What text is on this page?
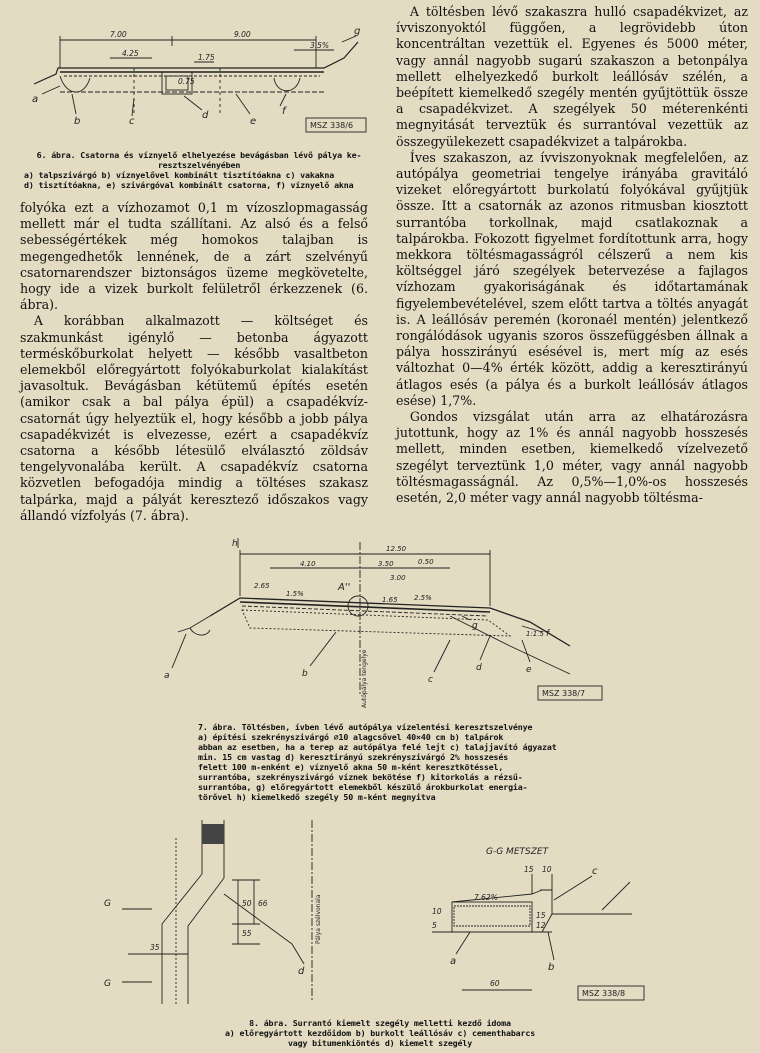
7.00	9.00
4.25	1.75
0.75
3.5%
a
b	c
d
e
f
g
MSZ 338/6
6. ábra. Csatorna és víznyelő elhelyezése bevágásban lévő pálya ke-
resztszelvényében
a) talpszivárgó b) víznyelővel kombinált tisztítóakna c) vakakna
d) tisztítóakna, e) szivárgóval kombinált csatorna, f) víznyelő akna

folyóka ezt a vízhozamot 0,1 m vízoszlopmagasság mellett már el tudta szállítani. Az alsó és a felső sebességértékek még homokos talajban is megengedhetők lennének, de a zárt szelvényű csatornarendszer biztonságos üzeme megkövetelte, hogy ide a vizek burkolt felületről érkezzenek (6. ábra).

A korábban alkalmazott — költséget és szakmunkást igénylő — betonba ágyazott terméskőburkolat helyett — később vasaltbeton elemekből előregyártott folyókaburkolat kialakítást javasoltuk. Bevágásban kétütemű építés esetén (amikor csak a bal pálya épül) a csapadékvíz-csatornát úgy helyeztük el, hogy később a jobb pálya csapadékvizét is elvezesse, ezért a csapadékvíz csatorna a később létesülő elválasztó zöldsáv tengelyvonalába került. A csapadékvíz csatorna közvetlen befogadója mindig a töltéses szakasz talpárka, majd a pályát keresztező időszakos vagy állandó vízfolyás (7. ábra).

A töltésben lévő szakaszra hulló csapadékvizet, az ívviszonyoktól függően, a legrövidebb úton koncentráltan vezettük el. Egyenes és 5000 méter, vagy annál nagyobb sugarú szakaszon a betonpálya mellett elhelyezkedő burkolt leállósáv szélén, a beépített kiemelkedő szegély mentén gyűjtöttük össze a csapadékvizet. A szegélyek 50 méterenkénti megnyitását terveztük és surrantóval vezettük az összegyülekezett csapadékvizet a talpárokba.

Íves szakaszon, az ívviszonyoknak megfelelően, az autópálya geometriai tengelye irányába gravitáló vizeket előregyártott burkolatú folyókával gyűjtjük össze. Itt a csatornák az azonos ritmusban kiosztott surrantóba torkollnak, majd csatlakoznak a talpárokba. Fokozott figyelmet fordítottunk arra, hogy mekkora töltésmagasságról célszerű a nem kis költséggel járó szegélyek betervezése a fajlagos vízhozam gyakoriságának és időtartamának figyelembevételével, szem előtt tartva a töltés anyagát is. A leállósáv peremén (koronaél mentén) jelentkező rongálódások ugyanis szoros összefüggésben állnak a pálya hosszirányú esésével is, mert míg az esés változhat 0—4% érték között, addig a keresztirányú átlagos esés (a pálya és a burkolt leállósáv átlagos esése) 1,7%.

Gondos vizsgálat után arra az elhatározásra jutottunk, hogy az 1% és annál nagyobb hosszesés mellett, minden esetben, kiemelkedő vízelvezető szegélyt terveztünk 1,0 méter, vagy annál nagyobb töltésmagasságnál. Az 0,5%—1,0%-os hosszesés esetén, 2,0 méter vagy annál nagyobb töltésma-

12.50
3.50
4.10	0.50
3.00
1.65
1.5%	2.5%
1:1.5
2.65	A''
a	b
c
d	e
f
g
h
Autópálya tengelye	MSZ 338/7
7. ábra. Töltésben, ívben lévő autópálya vízelentési keresztszelvénye
a) építési szekrényszivárgó ⌀10 alagcsővel 40×40 cm b) talpárok
abban az esetben, ha a terep az autópálya felé lejt c) talajjavító ágyazat
min. 15 cm vastag d) keresztirányú szekrényszivárgó 2% hosszesés
felett 100 m-enként e) víznyelő akna 50 m-ként keresztkötéssel,
surrantóba, szekrényszivárgó víznek bekötése f) kitorkolás a rézsű-
surrantóba, g) előregyártott elemekből készülő árokburkolat energia-
törővel h) kiemelkedő szegély 50 m-ként megnyitva
G-G METSZET
G
G
50
55
66
35
15 10
7.62%
10
5
15
12
60
a
b
c
d
Pálya szélvonala
MSZ 338/8
8. ábra. Surrantó kiemelt szegély melletti kezdő idoma
a) előregyártott kezdőidom b) burkolt leállósáv c) cementhabarcs
vagy bitumenkiöntés d) kiemelt szegély
